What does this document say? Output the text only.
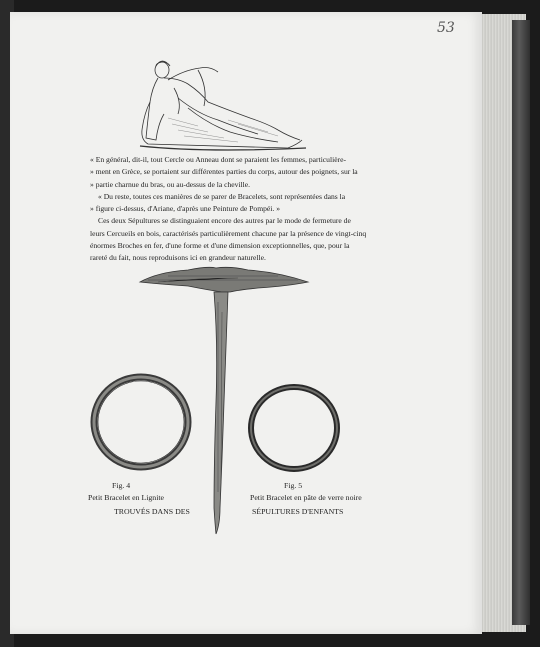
53

« En général, dit-il, tout Cercle ou Anneau dont se paraient les femmes, particulière-

» ment en Grèce, se portaient sur différentes parties du corps, autour des poignets, sur la

» partie charnue du bras, ou au-dessus de la cheville.

« Du reste, toutes ces manières de se parer de Bracelets, sont représentées dans la

» figure ci-dessus, d'Ariane, d'après une Peinture de Pompéi. »

Ces deux Sépultures se distinguaient encore des autres par le mode de fermeture de

leurs Cercueils en bois, caractérisés particulièrement chacune par la présence de vingt-cinq

énormes Broches en fer, d'une forme et d'une dimension exceptionnelles, que, pour la

rareté du fait, nous reproduisons ici en grandeur naturelle.

Fig. 4
Petit Bracelet en Lignite
TROUVÉS DANS DES
Fig. 5
Petit Bracelet en pâte de verre noire
SÉPULTURES D'ENFANTS
